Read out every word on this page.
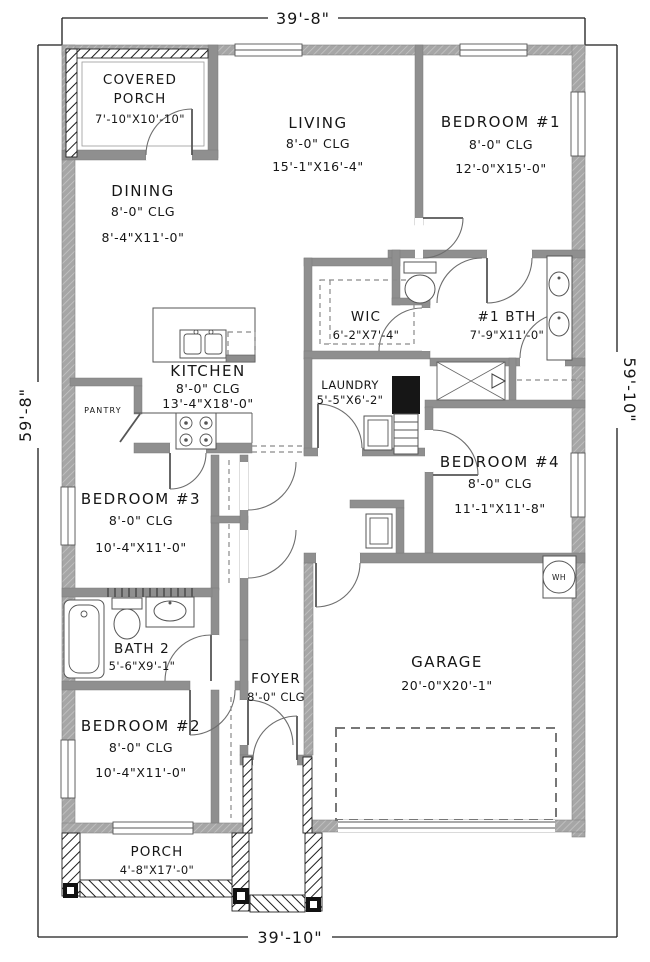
39'-8"
39'-10"
59'-8"	59'-10"
WH
COVERED
PORCH
7'-10"X10'-10"	LIVING
8'-0" CLG
15'-1"X16'-4"
BEDROOM #1
8'-0" CLG
12'-0"X15'-0"
DINING
8'-0" CLG
8'-4"X11'-0"
WIC
6'-2"X7'-4"
#1 BTH
7'-9"X11'-0"
KITCHEN
8'-0" CLG
13'-4"X18'-0"
LAUNDRY
5'-5"X6'-2"
PANTRY
BEDROOM #4
8'-0" CLG
11'-1"X11'-8"
BEDROOM #3
8'-0" CLG
10'-4"X11'-0"
BATH 2
5'-6"X9'-1"
FOYER
8'-0" CLG
GARAGE
20'-0"X20'-1"
BEDROOM #2
8'-0" CLG
10'-4"X11'-0"
PORCH
4'-8"X17'-0"
